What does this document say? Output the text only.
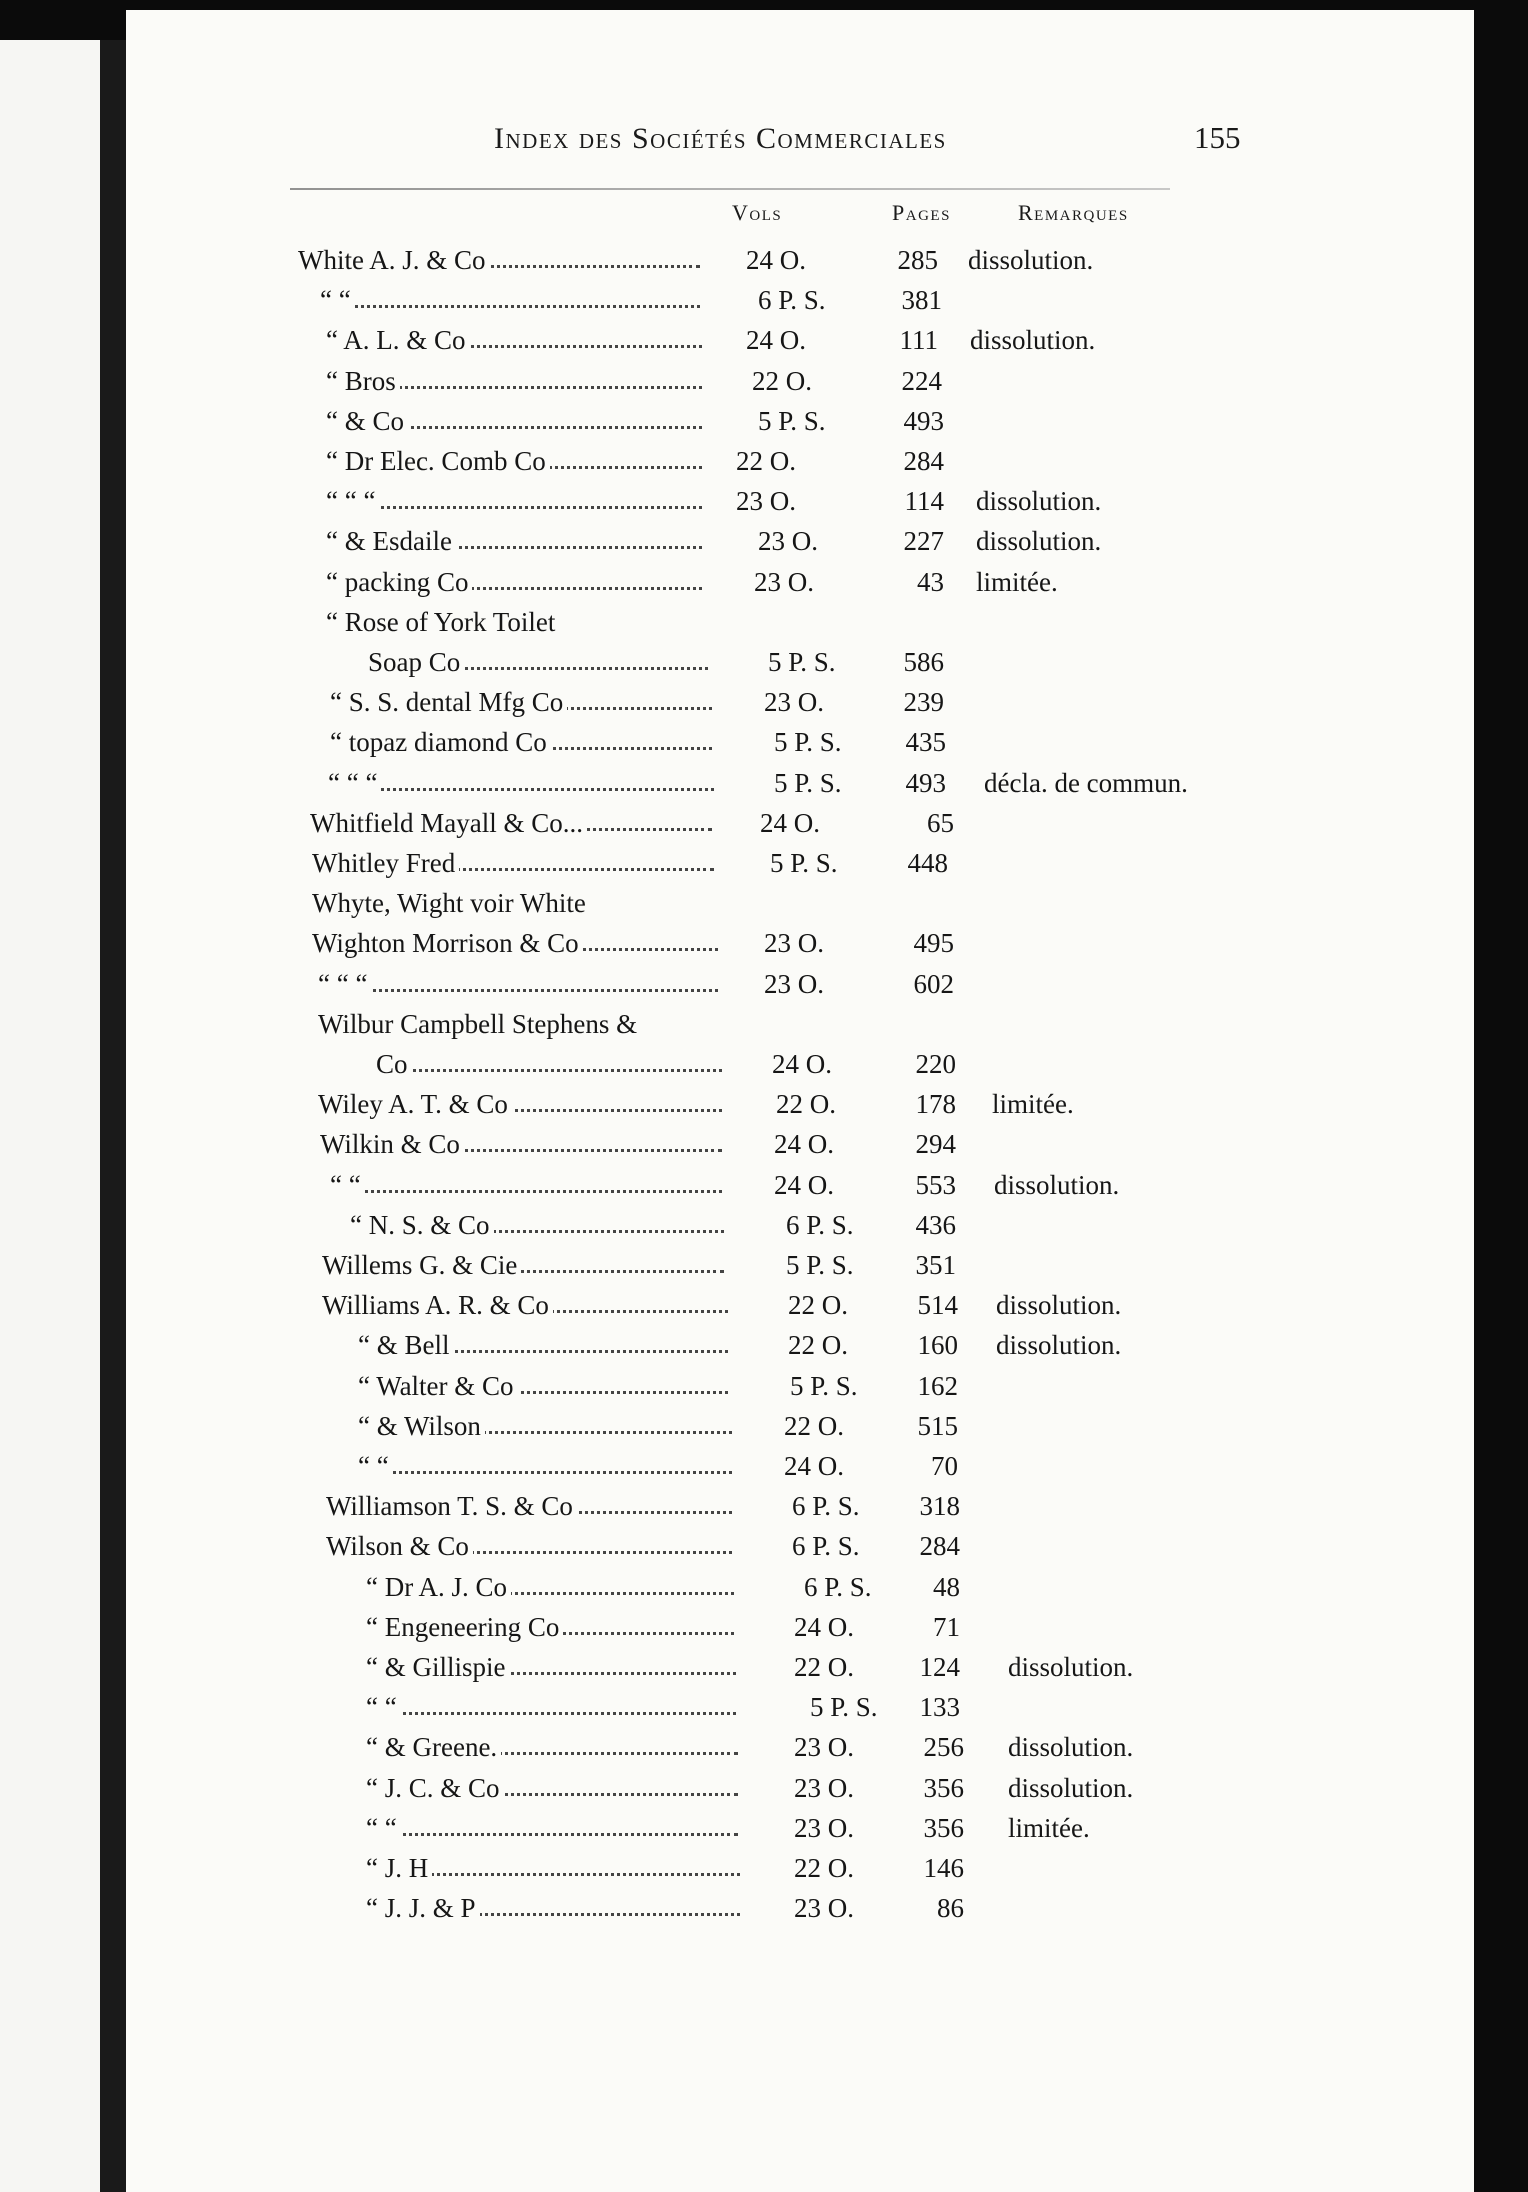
Index des Sociétés Commerciales	155
Vols	Pages	Remarques
White A. J. & Co	24 O.	285 dissolution.
“ “	6 P. S.	381
“ A. L. & Co	24 O.	111 dissolution.
“ Bros	22 O.	224
“ & Co	5 P. S.	493
“ Dr Elec. Comb Co	22 O.	284
“ “ “	23 O.	114 dissolution.
“ & Esdaile	23 O.	227 dissolution.
“ packing Co	23 O.	43 limitée.
“ Rose of York Toilet
Soap Co	5 P. S.	586
“ S. S. dental Mfg Co	23 O.	239
“ topaz diamond Co	5 P. S.	435
“ “ “	5 P. S.	493 décla. de commun.
Whitfield Mayall & Co...	24 O.	65
Whitley Fred	5 P. S.	448
Whyte, Wight voir White
Wighton Morrison & Co	23 O.	495
“ “ “	23 O.	602
Wilbur Campbell Stephens &
Co	24 O.	220
Wiley A. T. & Co	22 O.	178 limitée.
Wilkin & Co	24 O.	294
“ “	24 O.	553 dissolution.
“ N. S. & Co	6 P. S.	436
Willems G. & Cie	5 P. S.	351
Williams A. R. & Co	22 O.	514 dissolution.
“ & Bell	22 O.	160 dissolution.
“ Walter & Co	5 P. S.	162
“ & Wilson	22 O.	515
“ “	24 O.	70
Williamson T. S. & Co	6 P. S.	318
Wilson & Co	6 P. S.	284
“ Dr A. J. Co	6 P. S.	48
“ Engeneering Co	24 O.	71
“ & Gillispie	22 O.	124 dissolution.
“ “	5 P. S.	133
“ & Greene.	23 O.	256 dissolution.
“ J. C. & Co	23 O.	356 dissolution.
“ “	23 O.	356 limitée.
“ J. H	22 O.	146
“ J. J. & P	23 O.	86
